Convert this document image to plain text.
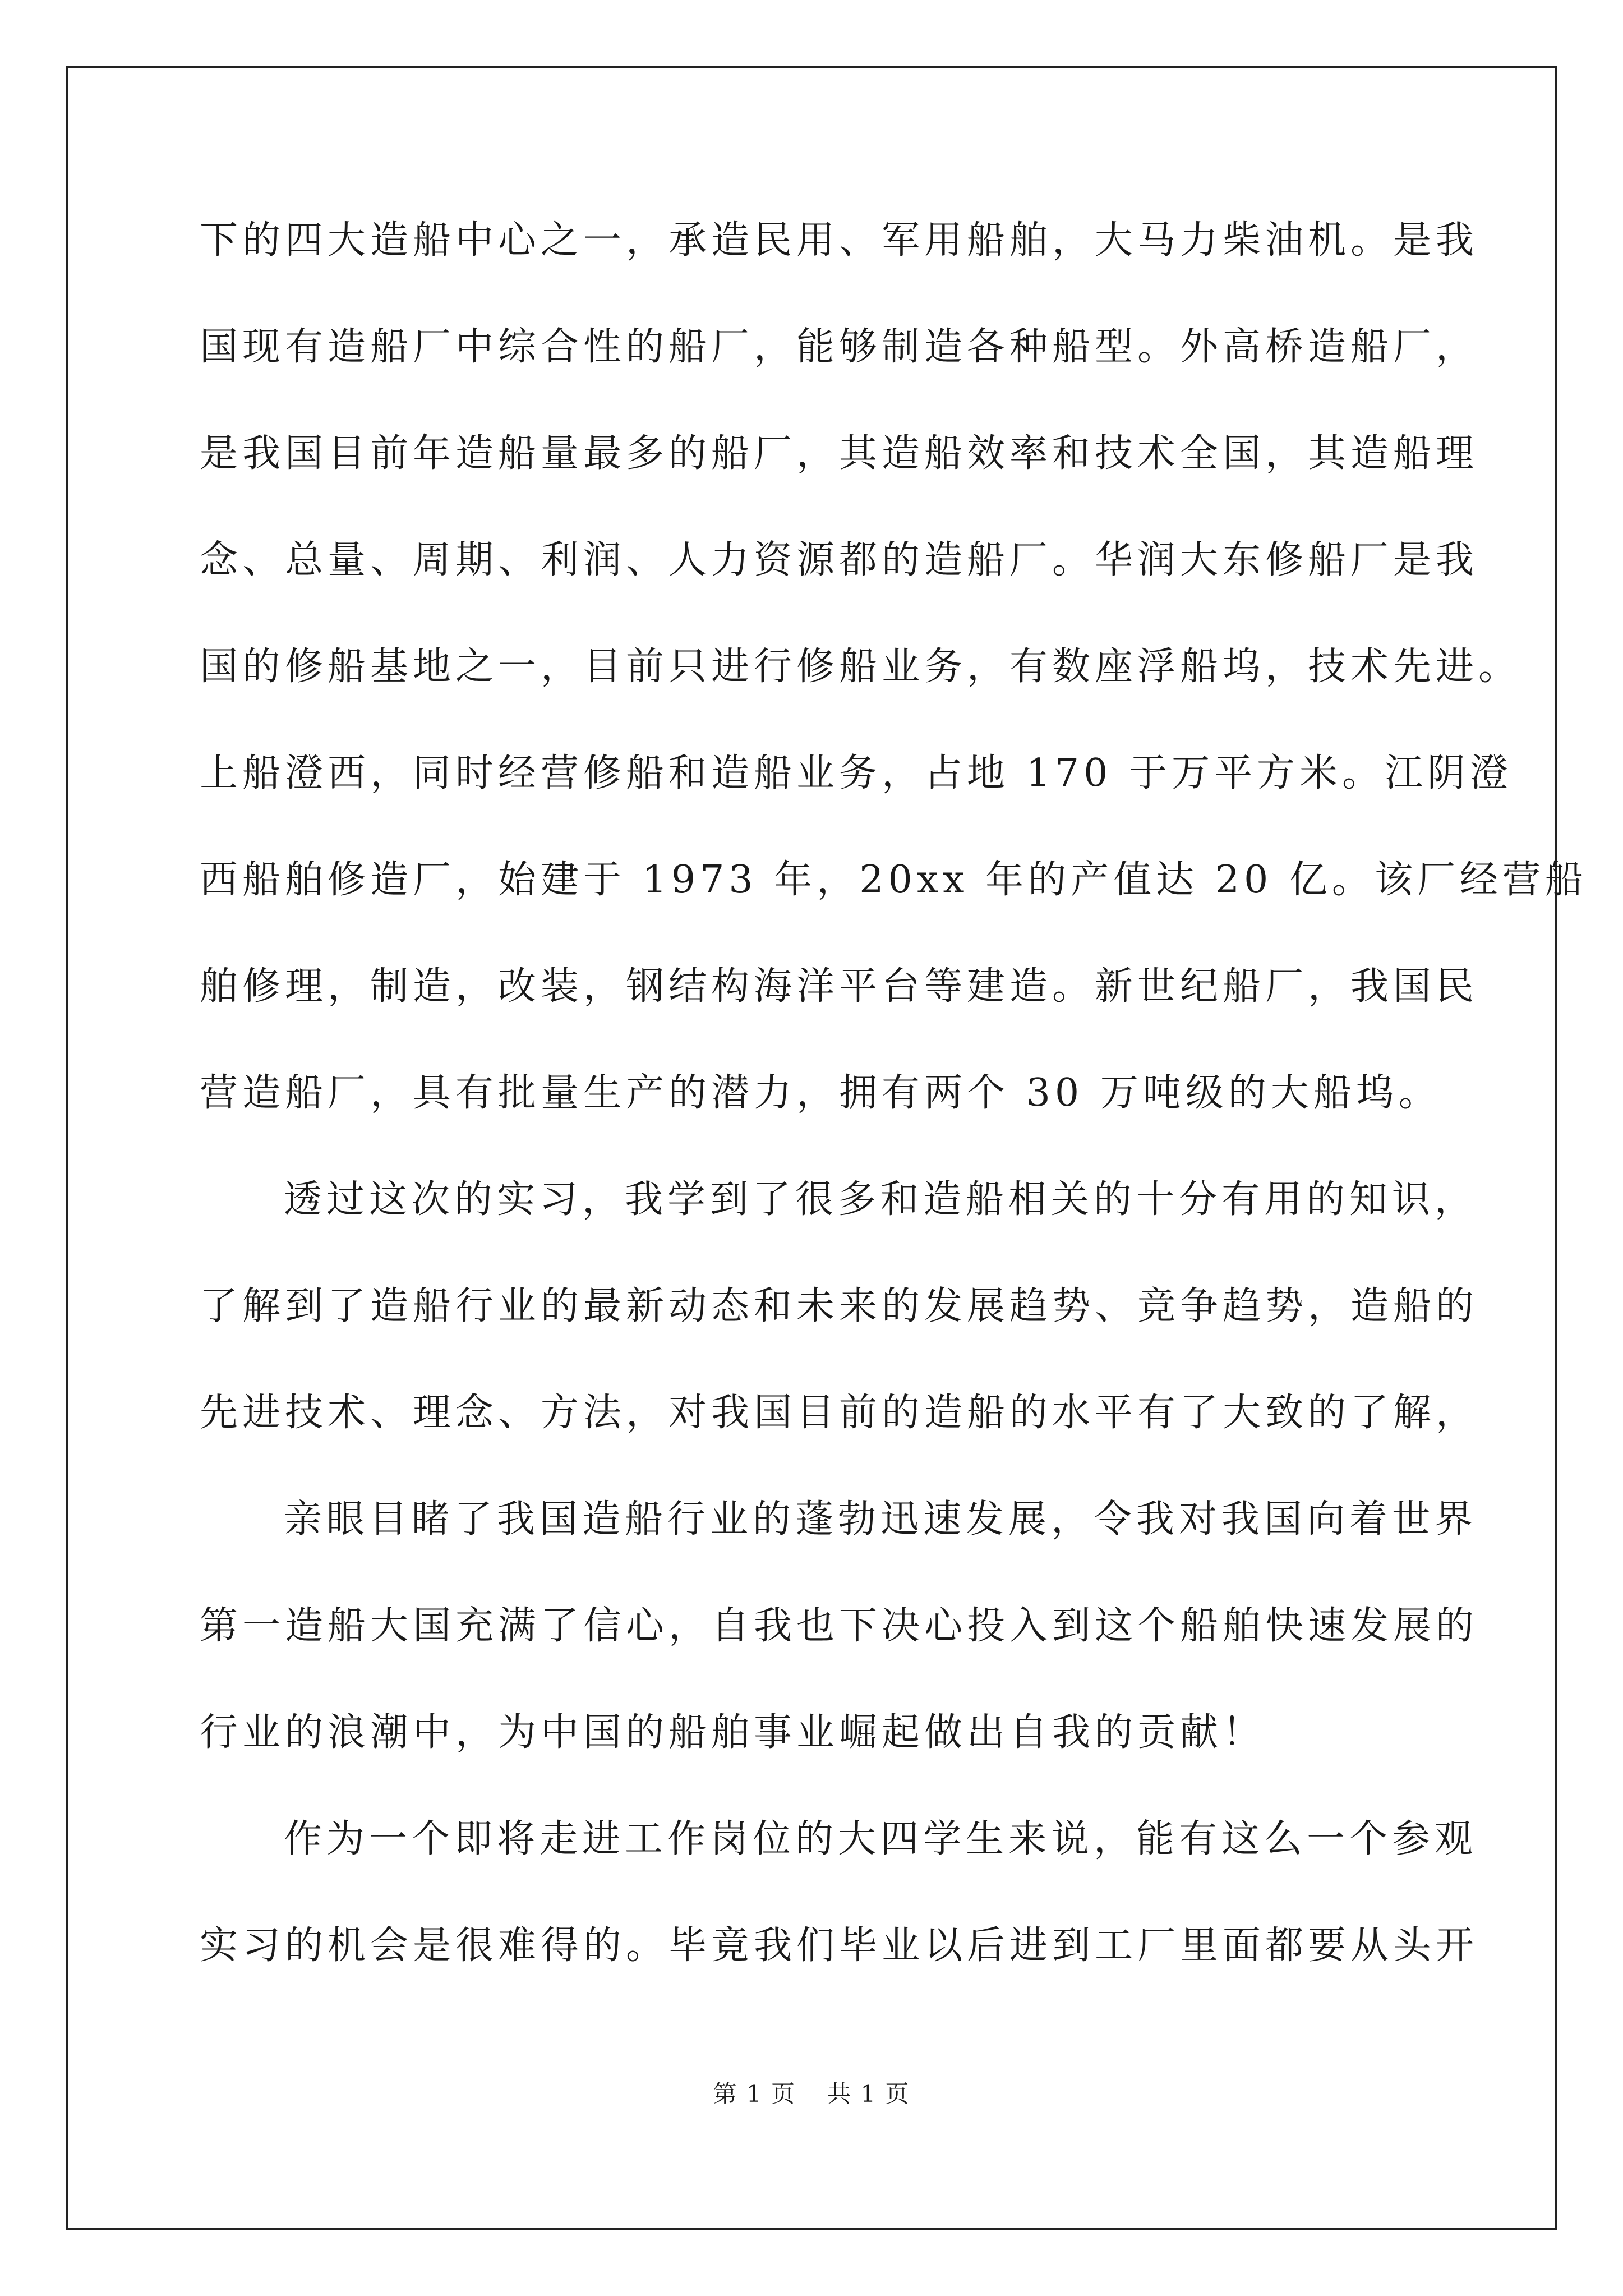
下的四大造船中心之一，承造民用、军用船舶，大马力柴油机。是我
国现有造船厂中综合性的船厂，能够制造各种船型。外高桥造船厂，
是我国目前年造船量最多的船厂，其造船效率和技术全国，其造船理
念、总量、周期、利润、人力资源都的造船厂。华润大东修船厂是我
国的修船基地之一，目前只进行修船业务，有数座浮船坞，技术先进。
上船澄西，同时经营修船和造船业务，占地 170 于万平方米。江阴澄
西船舶修造厂，始建于 1973 年，20xx 年的产值达 20 亿。该厂经营船
舶修理，制造，改装，钢结构海洋平台等建造。新世纪船厂，我国民
营造船厂，具有批量生产的潜力，拥有两个 30 万吨级的大船坞。
透过这次的实习，我学到了很多和造船相关的十分有用的知识，
了解到了造船行业的最新动态和未来的发展趋势、竞争趋势，造船的
先进技术、理念、方法，对我国目前的造船的水平有了大致的了解，
亲眼目睹了我国造船行业的蓬勃迅速发展，令我对我国向着世界
第一造船大国充满了信心，自我也下决心投入到这个船舶快速发展的
行业的浪潮中，为中国的船舶事业崛起做出自我的贡献！
作为一个即将走进工作岗位的大四学生来说，能有这么一个参观
实习的机会是很难得的。毕竟我们毕业以后进到工厂里面都要从头开
第 1 页 共 1 页
